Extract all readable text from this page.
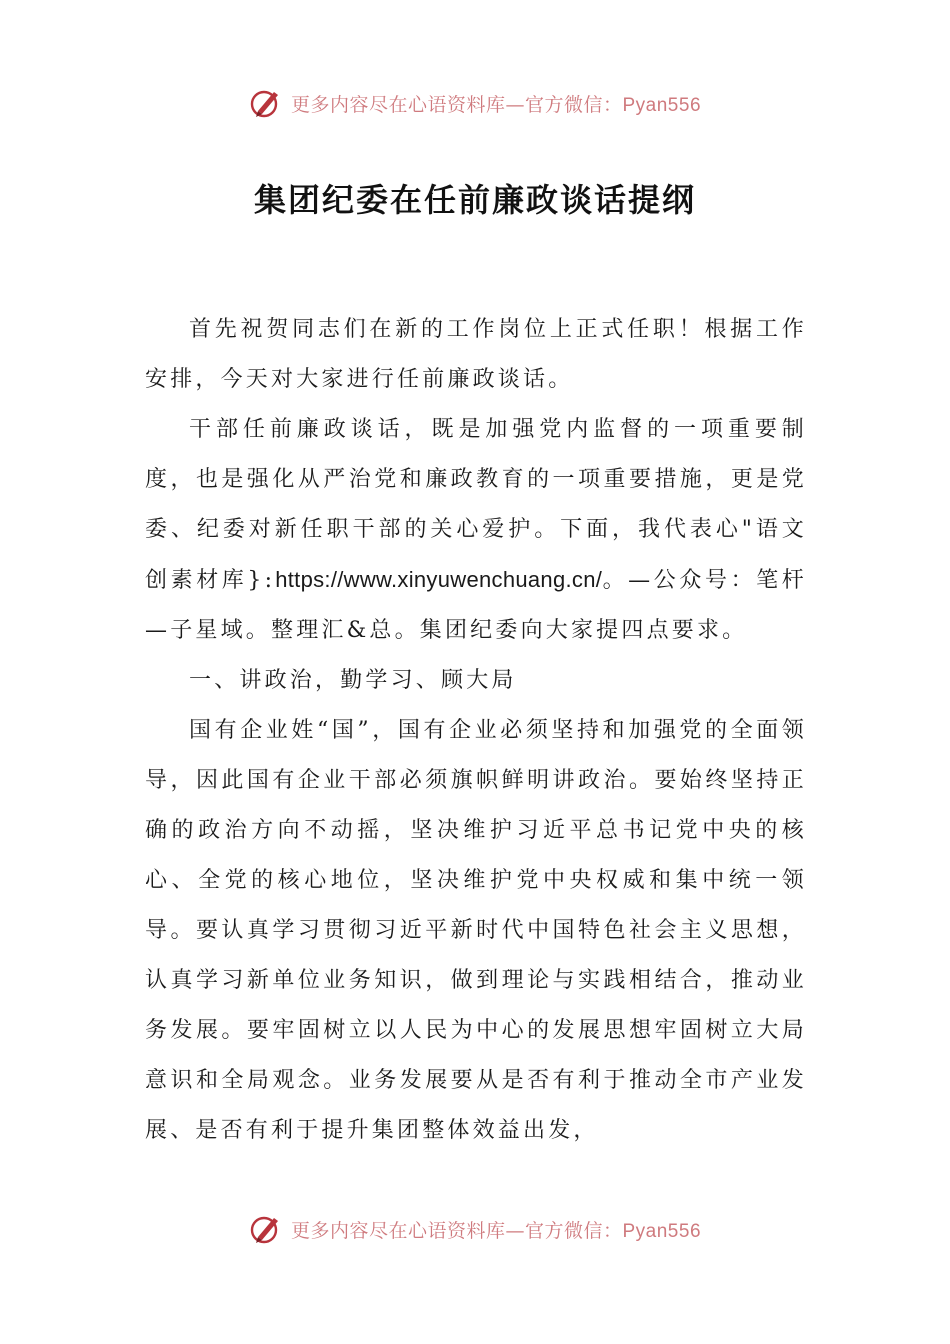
更多内容尽在心语资料库—官方微信：Pyan556
集团纪委在任前廉政谈话提纲

首先祝贺同志们在新的工作岗位上正式任职！根据工作安排，今天对大家进行任前廉政谈话。

干部任前廉政谈话，既是加强党内监督的一项重要制度，也是强化从严治党和廉政教育的一项重要措施，更是党委、纪委对新任职干部的关心爱护。下面，我代表心"语文创素材库}:https://www.xinyuwenchuang.cn/。—公众号：笔杆—子星域。整理汇&总。集团纪委向大家提四点要求。

一、讲政治，勤学习、顾大局

国有企业姓“国”，国有企业必须坚持和加强党的全面领导，因此国有企业干部必须旗帜鲜明讲政治。要始终坚持正确的政治方向不动摇，坚决维护习近平总书记党中央的核心、全党的核心地位，坚决维护党中央权威和集中统一领导。要认真学习贯彻习近平新时代中国特色社会主义思想，认真学习新单位业务知识，做到理论与实践相结合，推动业务发展。要牢固树立以人民为中心的发展思想牢固树立大局意识和全局观念。业务发展要从是否有利于推动全市产业发展、是否有利于提升集团整体效益出发，

更多内容尽在心语资料库—官方微信：Pyan556
